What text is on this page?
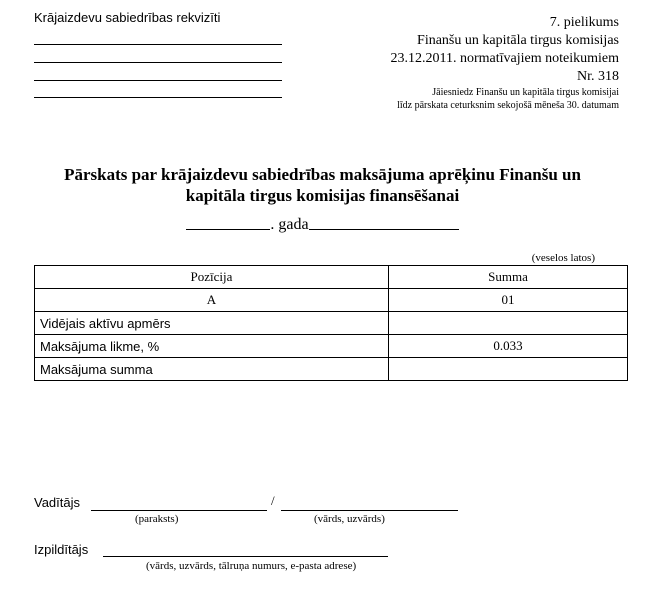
Krājaizdevu sabiedrības rekvizīti	7. pielikums
Finanšu un kapitāla tirgus komisijas
23.12.2011. normatīvajiem noteikumiem
Nr. 318
Jāiesniedz Finanšu un kapitāla tirgus komisijai
līdz pārskata ceturksnim sekojošā mēneša 30. datumam
Pārskats par krājaizdevu sabiedrības maksājuma aprēķinu Finanšu un
kapitāla tirgus komisijas finansēšanai
. gada
(veselos latos)
Pozīcija	Summa
A	01
Vidējais aktīvu apmērs	
Maksājuma likme, %	0.033
Maksājuma summa	
Vadītājs	/
(paraksts)	(vārds, uzvārds)
Izpildītājs
(vārds, uzvārds, tālruņa numurs, e-pasta adrese)
